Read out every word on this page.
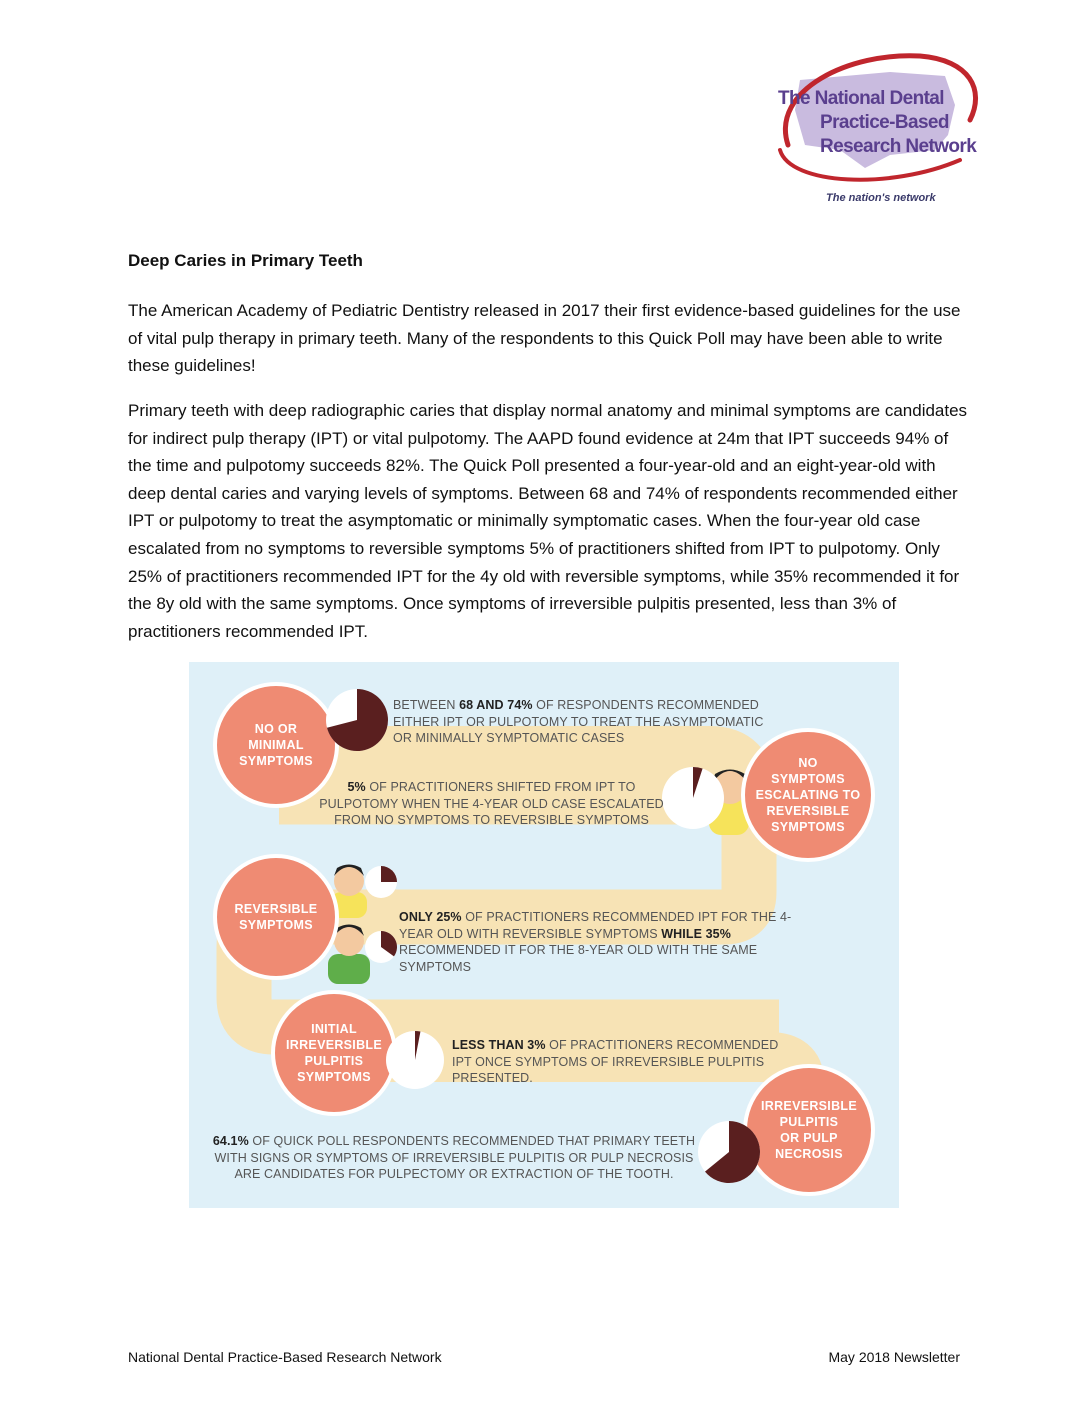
The National Dental
Practice-Based
Research Network
The nation's network
Deep Caries in Primary Teeth
The American Academy of Pediatric Dentistry released in 2017 their first evidence-based guidelines for the use of vital pulp therapy in primary teeth. Many of the respondents to this Quick Poll may have been able to write these guidelines!
Primary teeth with deep radiographic caries that display normal anatomy and minimal symptoms are candidates for indirect pulp therapy (IPT) or vital pulpotomy. The AAPD found evidence at 24m that IPT succeeds 94% of the time and pulpotomy succeeds 82%. The Quick Poll presented a four-year-old and an eight-year-old with deep dental caries and varying levels of symptoms. Between 68 and 74% of respondents recommended either IPT or pulpotomy to treat the asymptomatic or minimally symptomatic cases. When the four-year old case escalated from no symptoms to reversible symptoms 5% of practitioners shifted from IPT to pulpotomy. Only 25% of practitioners recommended IPT for the 4y old with reversible symptoms, while 35% recommended it for the 8y old with the same symptoms. Once symptoms of irreversible pulpitis presented, less than 3% of practitioners recommended IPT.
NO OR
MINIMAL
SYMPTOMS	NO
SYMPTOMS
ESCALATING TO
REVERSIBLE
SYMPTOMS
REVERSIBLE
SYMPTOMS
INITIAL
IRREVERSIBLE
PULPITIS
SYMPTOMS
IRREVERSIBLE
PULPITIS
OR PULP
NECROSIS
BETWEEN 68 AND 74% OF RESPONDENTS RECOMMENDED EITHER IPT OR PULPOTOMY TO TREAT THE ASYMPTOMATIC OR MINIMALLY SYMPTOMATIC CASES
5% OF PRACTITIONERS SHIFTED FROM IPT TO PULPOTOMY WHEN THE 4-YEAR OLD CASE ESCALATED FROM NO SYMPTOMS TO REVERSIBLE SYMPTOMS
ONLY 25% OF PRACTITIONERS RECOMMENDED IPT FOR THE 4-YEAR OLD WITH REVERSIBLE SYMPTOMS WHILE 35% RECOMMENDED IT FOR THE 8-YEAR OLD WITH THE SAME SYMPTOMS
LESS THAN 3% OF PRACTITIONERS RECOMMENDED IPT ONCE SYMPTOMS OF IRREVERSIBLE PULPITIS PRESENTED.
64.1% OF QUICK POLL RESPONDENTS RECOMMENDED THAT PRIMARY TEETH WITH SIGNS OR SYMPTOMS OF IRREVERSIBLE PULPITIS OR PULP NECROSIS ARE CANDIDATES FOR PULPECTOMY OR EXTRACTION OF THE TOOTH.
National Dental Practice-Based Research Network	May 2018 Newsletter
